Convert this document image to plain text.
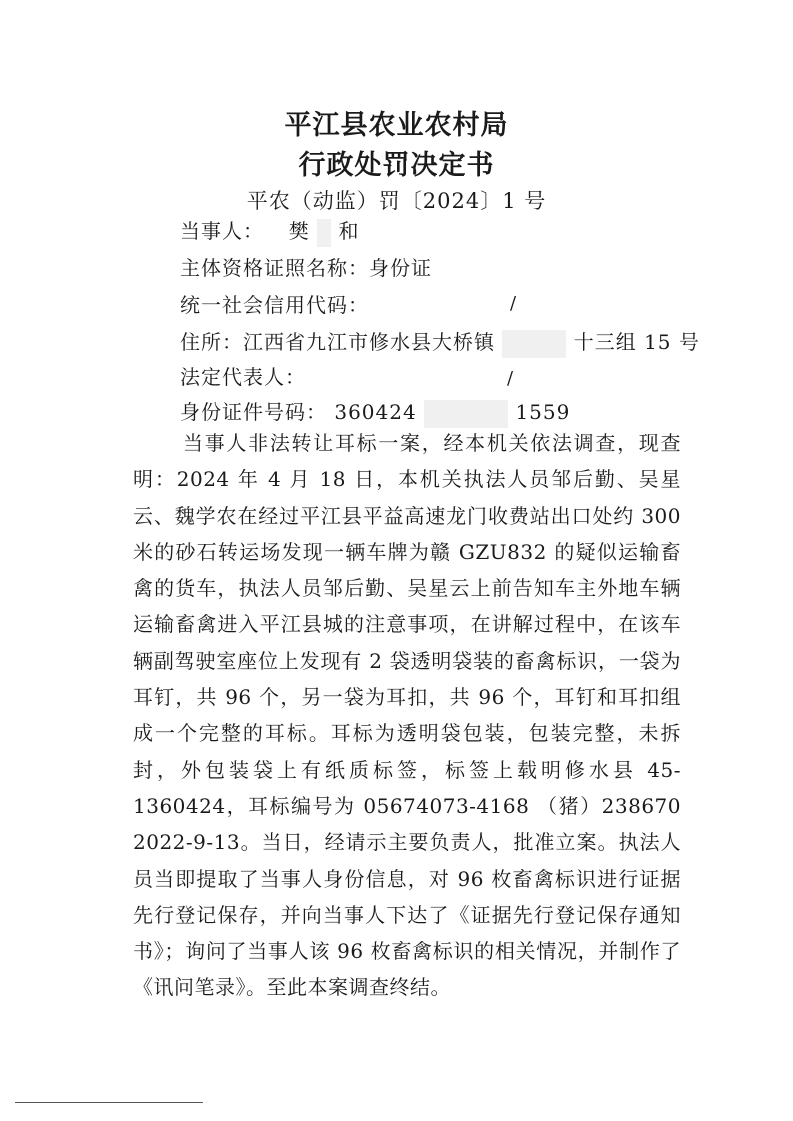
平江县农业农村局
行政处罚决定书
平农（动监）罚〔2024〕1 号
当事人： 樊 和
主体资格证照名称：身份证
统一社会信用代码：	/
住所：江西省九江市修水县大桥镇	十三组 15 号
法定代表人：	/
身份证件号码： 360424	1559

当事人非法转让耳标一案，经本机关依法调查，现查明：2024 年 4 月 18 日，本机关执法人员邹后勤、吴星云、魏学农在经过平江县平益高速龙门收费站出口处约 300 米的砂石转运场发现一辆车牌为赣 GZU832 的疑似运输畜禽的货车，执法人员邹后勤、吴星云上前告知车主外地车辆运输畜禽进入平江县城的注意事项，在讲解过程中，在该车辆副驾驶室座位上发现有 2 袋透明袋装的畜禽标识，一袋为耳钉，共 96 个，另一袋为耳扣，共 96 个，耳钉和耳扣组成一个完整的耳标。耳标为透明袋包装，包装完整，未拆封，外包装袋上有纸质标签，标签上载明修水县 45-1360424，耳标编号为 05674073-4168 （猪）238670　2022-9-13。当日，经请示主要负责人，批准立案。执法人员当即提取了当事人身份信息，对 96 枚畜禽标识进行证据先行登记保存，并向当事人下达了《证据先行登记保存通知书》；询问了当事人该 96 枚畜禽标识的相关情况，并制作了《讯问笔录》。至此本案调查终结。
